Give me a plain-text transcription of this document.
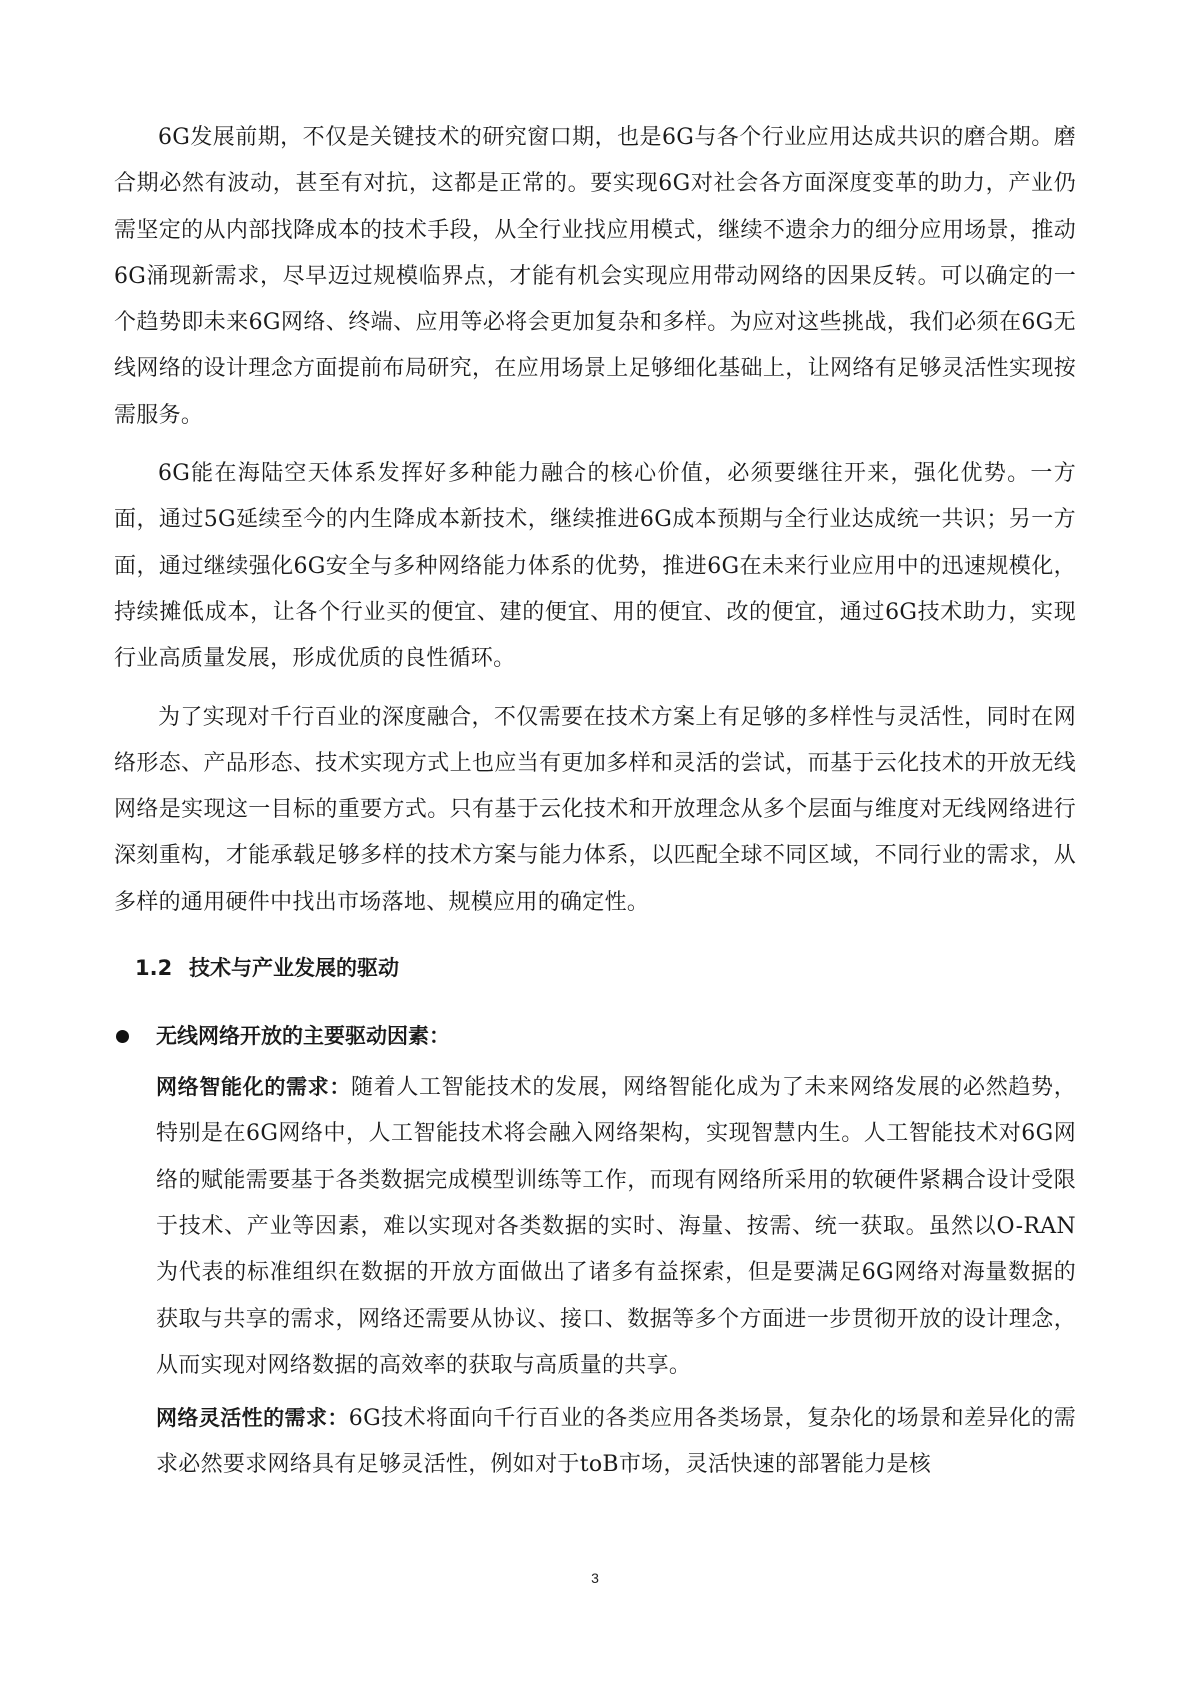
6G发展前期，不仅是关键技术的研究窗口期，也是6G与各个行业应用达成共识的磨合期。磨合期必然有波动，甚至有对抗，这都是正常的。要实现6G对社会各方面深度变革的助力，产业仍需坚定的从内部找降成本的技术手段，从全行业找应用模式，继续不遗余力的细分应用场景，推动6G涌现新需求，尽早迈过规模临界点，才能有机会实现应用带动网络的因果反转。可以确定的一个趋势即未来6G网络、终端、应用等必将会更加复杂和多样。为应对这些挑战，我们必须在6G无线网络的设计理念方面提前布局研究，在应用场景上足够细化基础上，让网络有足够灵活性实现按需服务。

6G能在海陆空天体系发挥好多种能力融合的核心价值，必须要继往开来，强化优势。一方面，通过5G延续至今的内生降成本新技术，继续推进6G成本预期与全行业达成统一共识；另一方面，通过继续强化6G安全与多种网络能力体系的优势，推进6G在未来行业应用中的迅速规模化，持续摊低成本，让各个行业买的便宜、建的便宜、用的便宜、改的便宜，通过6G技术助力，实现行业高质量发展，形成优质的良性循环。

为了实现对千行百业的深度融合，不仅需要在技术方案上有足够的多样性与灵活性，同时在网络形态、产品形态、技术实现方式上也应当有更加多样和灵活的尝试，而基于云化技术的开放无线网络是实现这一目标的重要方式。只有基于云化技术和开放理念从多个层面与维度对无线网络进行深刻重构，才能承载足够多样的技术方案与能力体系，以匹配全球不同区域，不同行业的需求，从多样的通用硬件中找出市场落地、规模应用的确定性。

1.2 技术与产业发展的驱动
无线网络开放的主要驱动因素：

网络智能化的需求：随着人工智能技术的发展，网络智能化成为了未来网络发展的必然趋势，特别是在6G网络中，人工智能技术将会融入网络架构，实现智慧内生。人工智能技术对6G网络的赋能需要基于各类数据完成模型训练等工作，而现有网络所采用的软硬件紧耦合设计受限于技术、产业等因素，难以实现对各类数据的实时、海量、按需、统一获取。虽然以O-RAN为代表的标准组织在数据的开放方面做出了诸多有益探索，但是要满足6G网络对海量数据的获取与共享的需求，网络还需要从协议、接口、数据等多个方面进一步贯彻开放的设计理念，从而实现对网络数据的高效率的获取与高质量的共享。

网络灵活性的需求：6G技术将面向千行百业的各类应用各类场景，复杂化的场景和差异化的需求必然要求网络具有足够灵活性，例如对于toB市场，灵活快速的部署能力是核

3
